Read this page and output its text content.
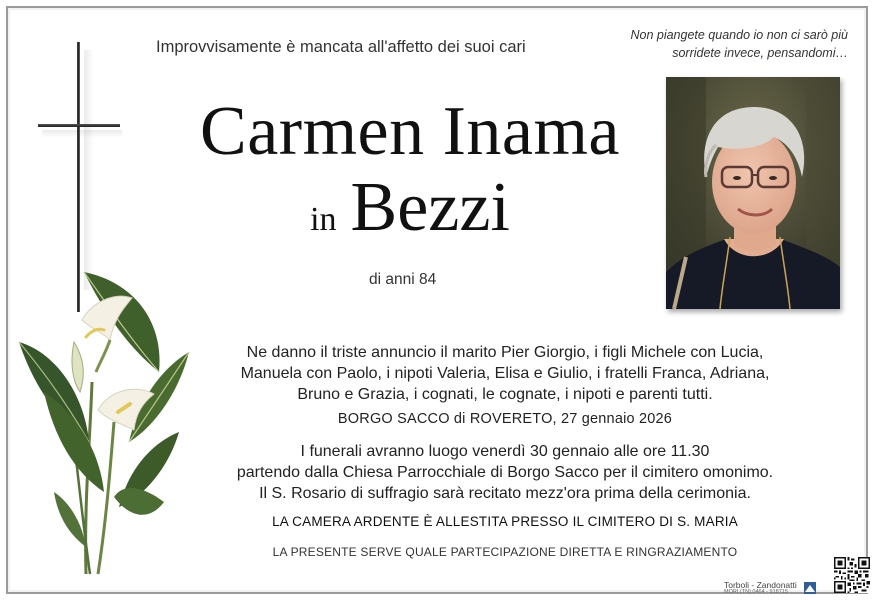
Improvvisamente è mancata all'affetto dei suoi cari
Non piangete quando io non ci sarò più
sorridete invece, pensandomi…
Carmen Inama
in Bezzi
di anni 84
Ne danno il triste annuncio il marito Pier Giorgio, i figli Michele con Lucia,
Manuela con Paolo, i nipoti Valeria, Elisa e Giulio, i fratelli Franca, Adriana,
Bruno e Grazia, i cognati, le cognate, i nipoti e parenti tutti.
BORGO SACCO di ROVERETO, 27 gennaio 2026
I funerali avranno luogo venerdì 30 gennaio alle ore 11.30
partendo dalla Chiesa Parrocchiale di Borgo Sacco per il cimitero omonimo.
Il S. Rosario di suffragio sarà recitato mezz'ora prima della cerimonia.
LA CAMERA ARDENTE È ALLESTITA PRESSO IL CIMITERO DI S. MARIA
LA PRESENTE SERVE QUALE PARTECIPAZIONE DIRETTA E RINGRAZIAMENTO
Torboli - Zandonatti
MORI (TN) 0464 - 918715
